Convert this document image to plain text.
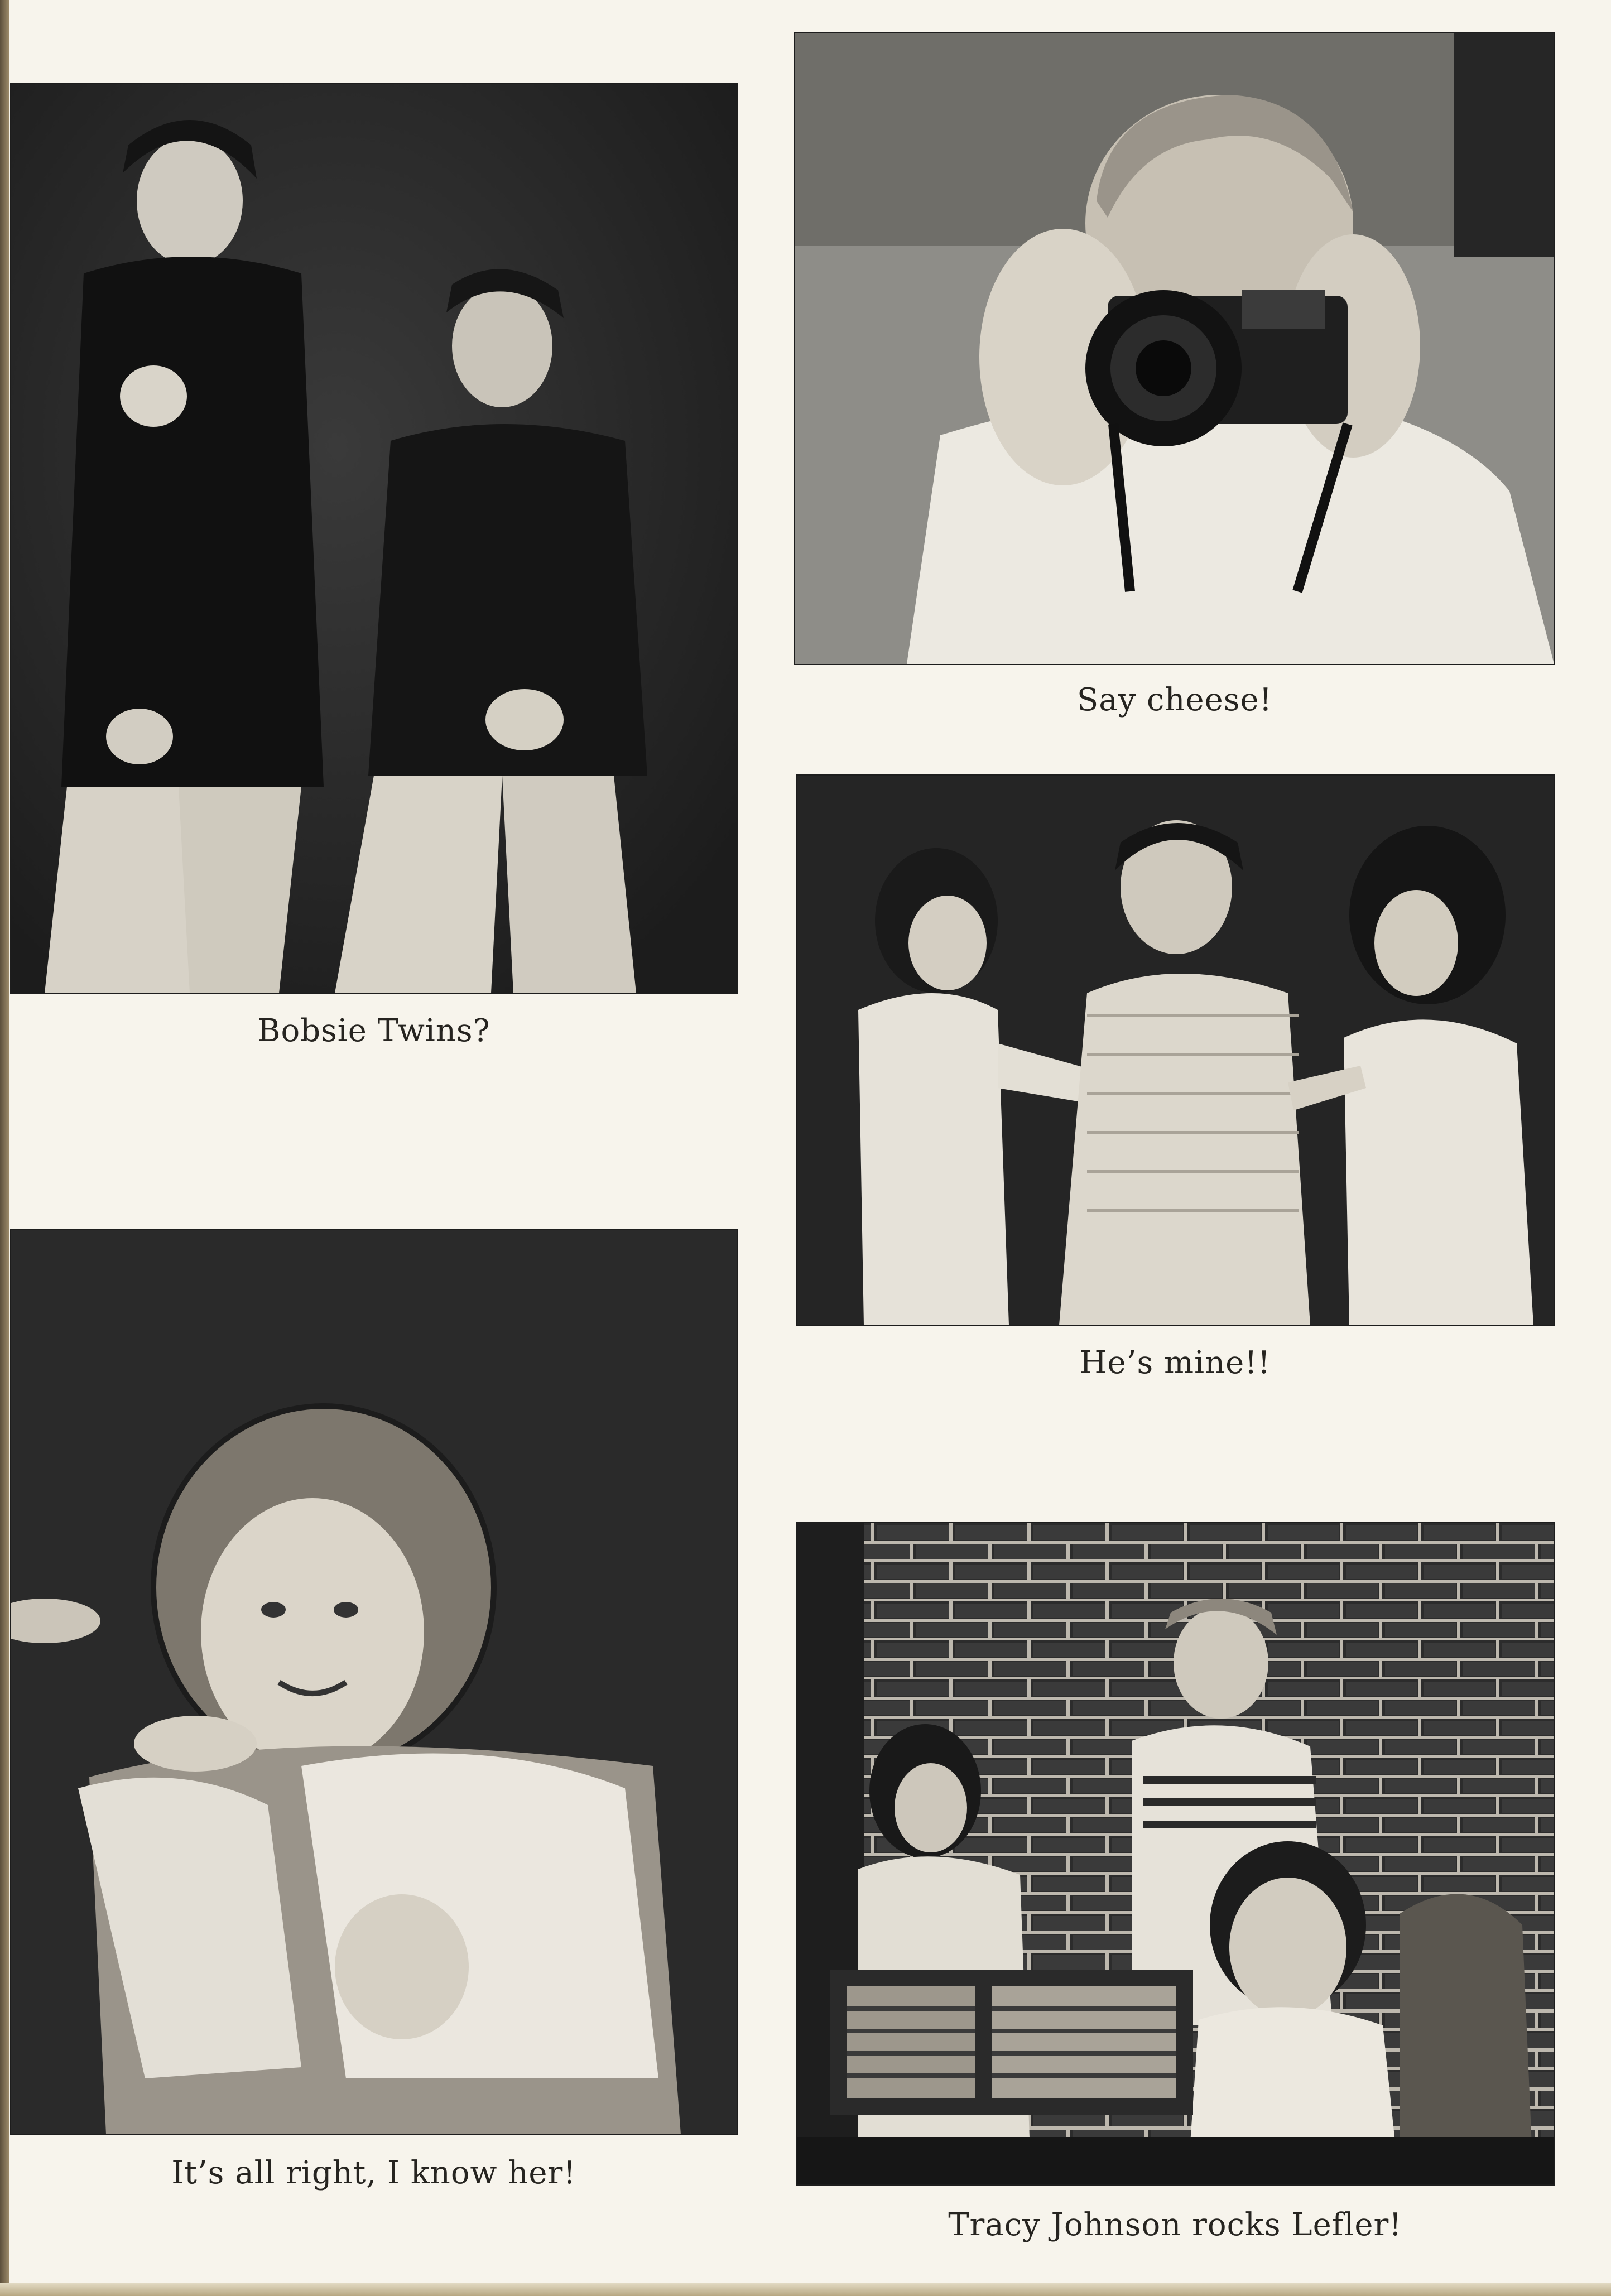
Bobsie Twins?
Say cheese!
He’s mine!!
It’s all right, I know her!
Tracy Johnson rocks Lefler!
